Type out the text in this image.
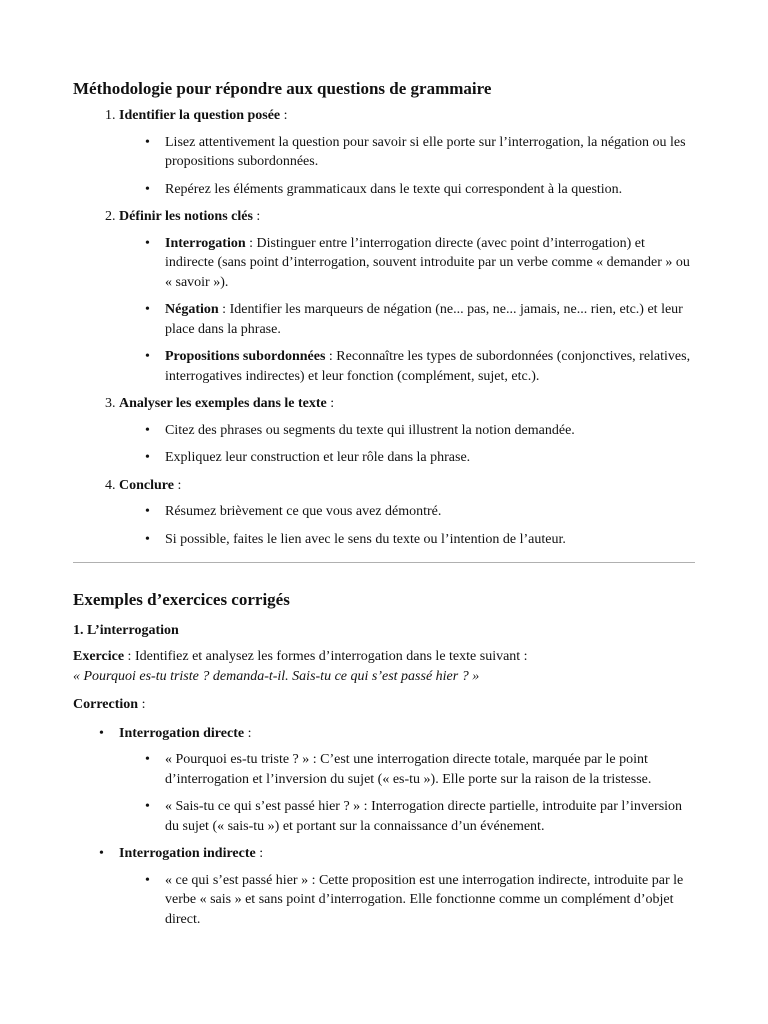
Méthodologie pour répondre aux questions de grammaire
1. Identifier la question posée :
• Lisez attentivement la question pour savoir si elle porte sur l’interrogation, la négation ou les propositions subordonnées.
• Repérez les éléments grammaticaux dans le texte qui correspondent à la question.
2. Définir les notions clés :
• Interrogation : Distinguer entre l’interrogation directe (avec point d’interrogation) et indirecte (sans point d’interrogation, souvent introduite par un verbe comme « demander » ou « savoir »).
• Négation : Identifier les marqueurs de négation (ne... pas, ne... jamais, ne... rien, etc.) et leur place dans la phrase.
• Propositions subordonnées : Reconnaître les types de subordonnées (conjonctives, relatives, interrogatives indirectes) et leur fonction (complément, sujet, etc.).
3. Analyser les exemples dans le texte :
• Citez des phrases ou segments du texte qui illustrent la notion demandée.
• Expliquez leur construction et leur rôle dans la phrase.
4. Conclure :
• Résumez brièvement ce que vous avez démontré.
• Si possible, faites le lien avec le sens du texte ou l’intention de l’auteur.
Exemples d’exercices corrigés
1. L’interrogation

Exercice : Identifiez et analysez les formes d’interrogation dans le texte suivant :
« Pourquoi es-tu triste ? demanda-t-il. Sais-tu ce qui s’est passé hier ? »

Correction :

• Interrogation directe :
• « Pourquoi es-tu triste ? » : C’est une interrogation directe totale, marquée par le point d’interrogation et l’inversion du sujet (« es-tu »). Elle porte sur la raison de la tristesse.
• « Sais-tu ce qui s’est passé hier ? » : Interrogation directe partielle, introduite par l’inversion du sujet (« sais-tu ») et portant sur la connaissance d’un événement.
• Interrogation indirecte :
• « ce qui s’est passé hier » : Cette proposition est une interrogation indirecte, introduite par le verbe « sais » et sans point d’interrogation. Elle fonctionne comme un complément d’objet direct.
